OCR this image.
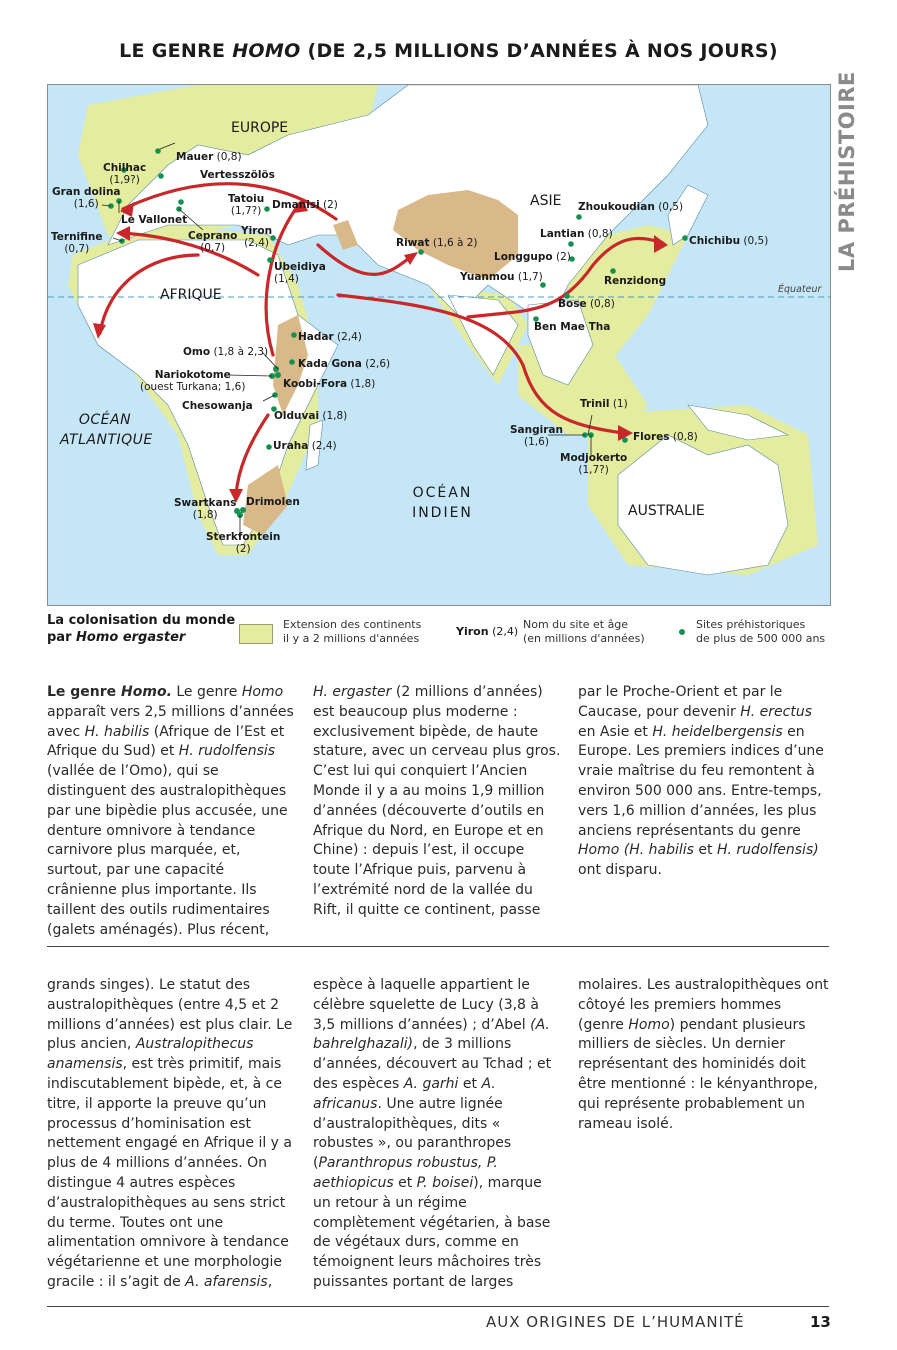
LE GENRE HOMO (DE 2,5 MILLIONS D’ANNÉES À NOS JOURS)
LA PRÉHISTOIRE
EUROPE
ASIE
AFRIQUE
AUSTRALIE
OCÉAN
ATLANTIQUE
OCÉAN
INDIEN
Équateur
Mauer (0,8)
Chilhac
(1,9?)	Vertesszölös
Gran dolina
(1,6)
Le Vallonet
Tatoiu
(1,7?) Dmanisi (2)
Ternifine
(0,7)
Ceprano
(0,7)
Yiron
(2,4)
Ubeidiya
(1,4)
Riwat (1,6 à 2)
Zhoukoudian (0,5)
Lantian (0,8)
Longgupo (2)
Yuanmou (1,7)
Chichibu (0,5)
Renzidong
Bose (0,8)
Ben Mae Tha
Hadar (2,4)
Omo (1,8 à 2,3)
Kada Gona (2,6)
Nariokotome
(ouest Turkana; 1,6)	Koobi-Fora (1,8)
Chesowanja
Olduvai (1,8)
Uraha (2,4)
Swartkans
(1,8)
Drimolen
Sterkfontein
(2)
Trinil (1)
Sangiran
(1,6)	Flores (0,8)
Modjokerto
(1,7?)
La colonisation du monde
par Homo ergaster
Extension des continents
il y a 2 millions d'années
Yiron (2,4)
Nom du site et âge
(en millions d'années)
Sites préhistoriques
de plus de 500 000 ans
Le genre Homo. Le genre Homo apparaît vers 2,5 millions d’années avec H. habilis (Afrique de l’Est et Afrique du Sud) et H. rudolfensis (vallée de l’Omo), qui se distinguent des australopithèques par une bipèdie plus accusée, une denture omnivore à tendance carnivore plus marquée, et, surtout, par une capacité crânienne plus importante. Ils taillent des outils rudimentaires (galets aménagés). Plus récent,
H. ergaster (2 millions d’années) est beaucoup plus moderne : exclusivement bipède, de haute stature, avec un cerveau plus gros. C’est lui qui conquiert l’Ancien Monde il y a au moins 1,9 million d’années (découverte d’outils en Afrique du Nord, en Europe et en Chine) : depuis l’est, il occupe toute l’Afrique puis, parvenu à l’extrémité nord de la vallée du Rift, il quitte ce continent, passe
par le Proche-Orient et par le Caucase, pour devenir H. erectus en Asie et H. heidelbergensis en Europe. Les premiers indices d’une vraie maîtrise du feu remontent à environ 500 000 ans. Entre-temps, vers 1,6 million d’années, les plus anciens représentants du genre Homo (H. habilis et H. rudolfensis) ont disparu.
grands singes). Le statut des australopithèques (entre 4,5 et 2 millions d’années) est plus clair. Le plus ancien, Australopithecus anamensis, est très primitif, mais indiscutablement bipède, et, à ce titre, il apporte la preuve qu’un processus d’hominisation est nettement engagé en Afrique il y a plus de 4 millions d’années. On distingue 4 autres espèces d’australopithèques au sens strict du terme. Toutes ont une alimentation omnivore à tendance végétarienne et une morphologie gracile : il s’agit de A. afarensis,
espèce à laquelle appartient le célèbre squelette de Lucy (3,8 à 3,5 millions d’années) ; d’Abel (A. bahrelghazali), de 3 millions d’années, découvert au Tchad ; et des espèces A. garhi et A. africanus. Une autre lignée d’australopithèques, dits « robustes », ou paranthropes (Paranthropus robustus, P. aethiopicus et P. boisei), marque un retour à un régime complètement végétarien, à base de végétaux durs, comme en témoignent leurs mâchoires très puissantes portant de larges
molaires. Les australopithèques ont côtoyé les premiers hommes (genre Homo) pendant plusieurs milliers de siècles. Un dernier représentant des hominidés doit être mentionné : le kényanthrope, qui représente probablement un rameau isolé.
AUX ORIGINES DE L’HUMANITÉ	13
